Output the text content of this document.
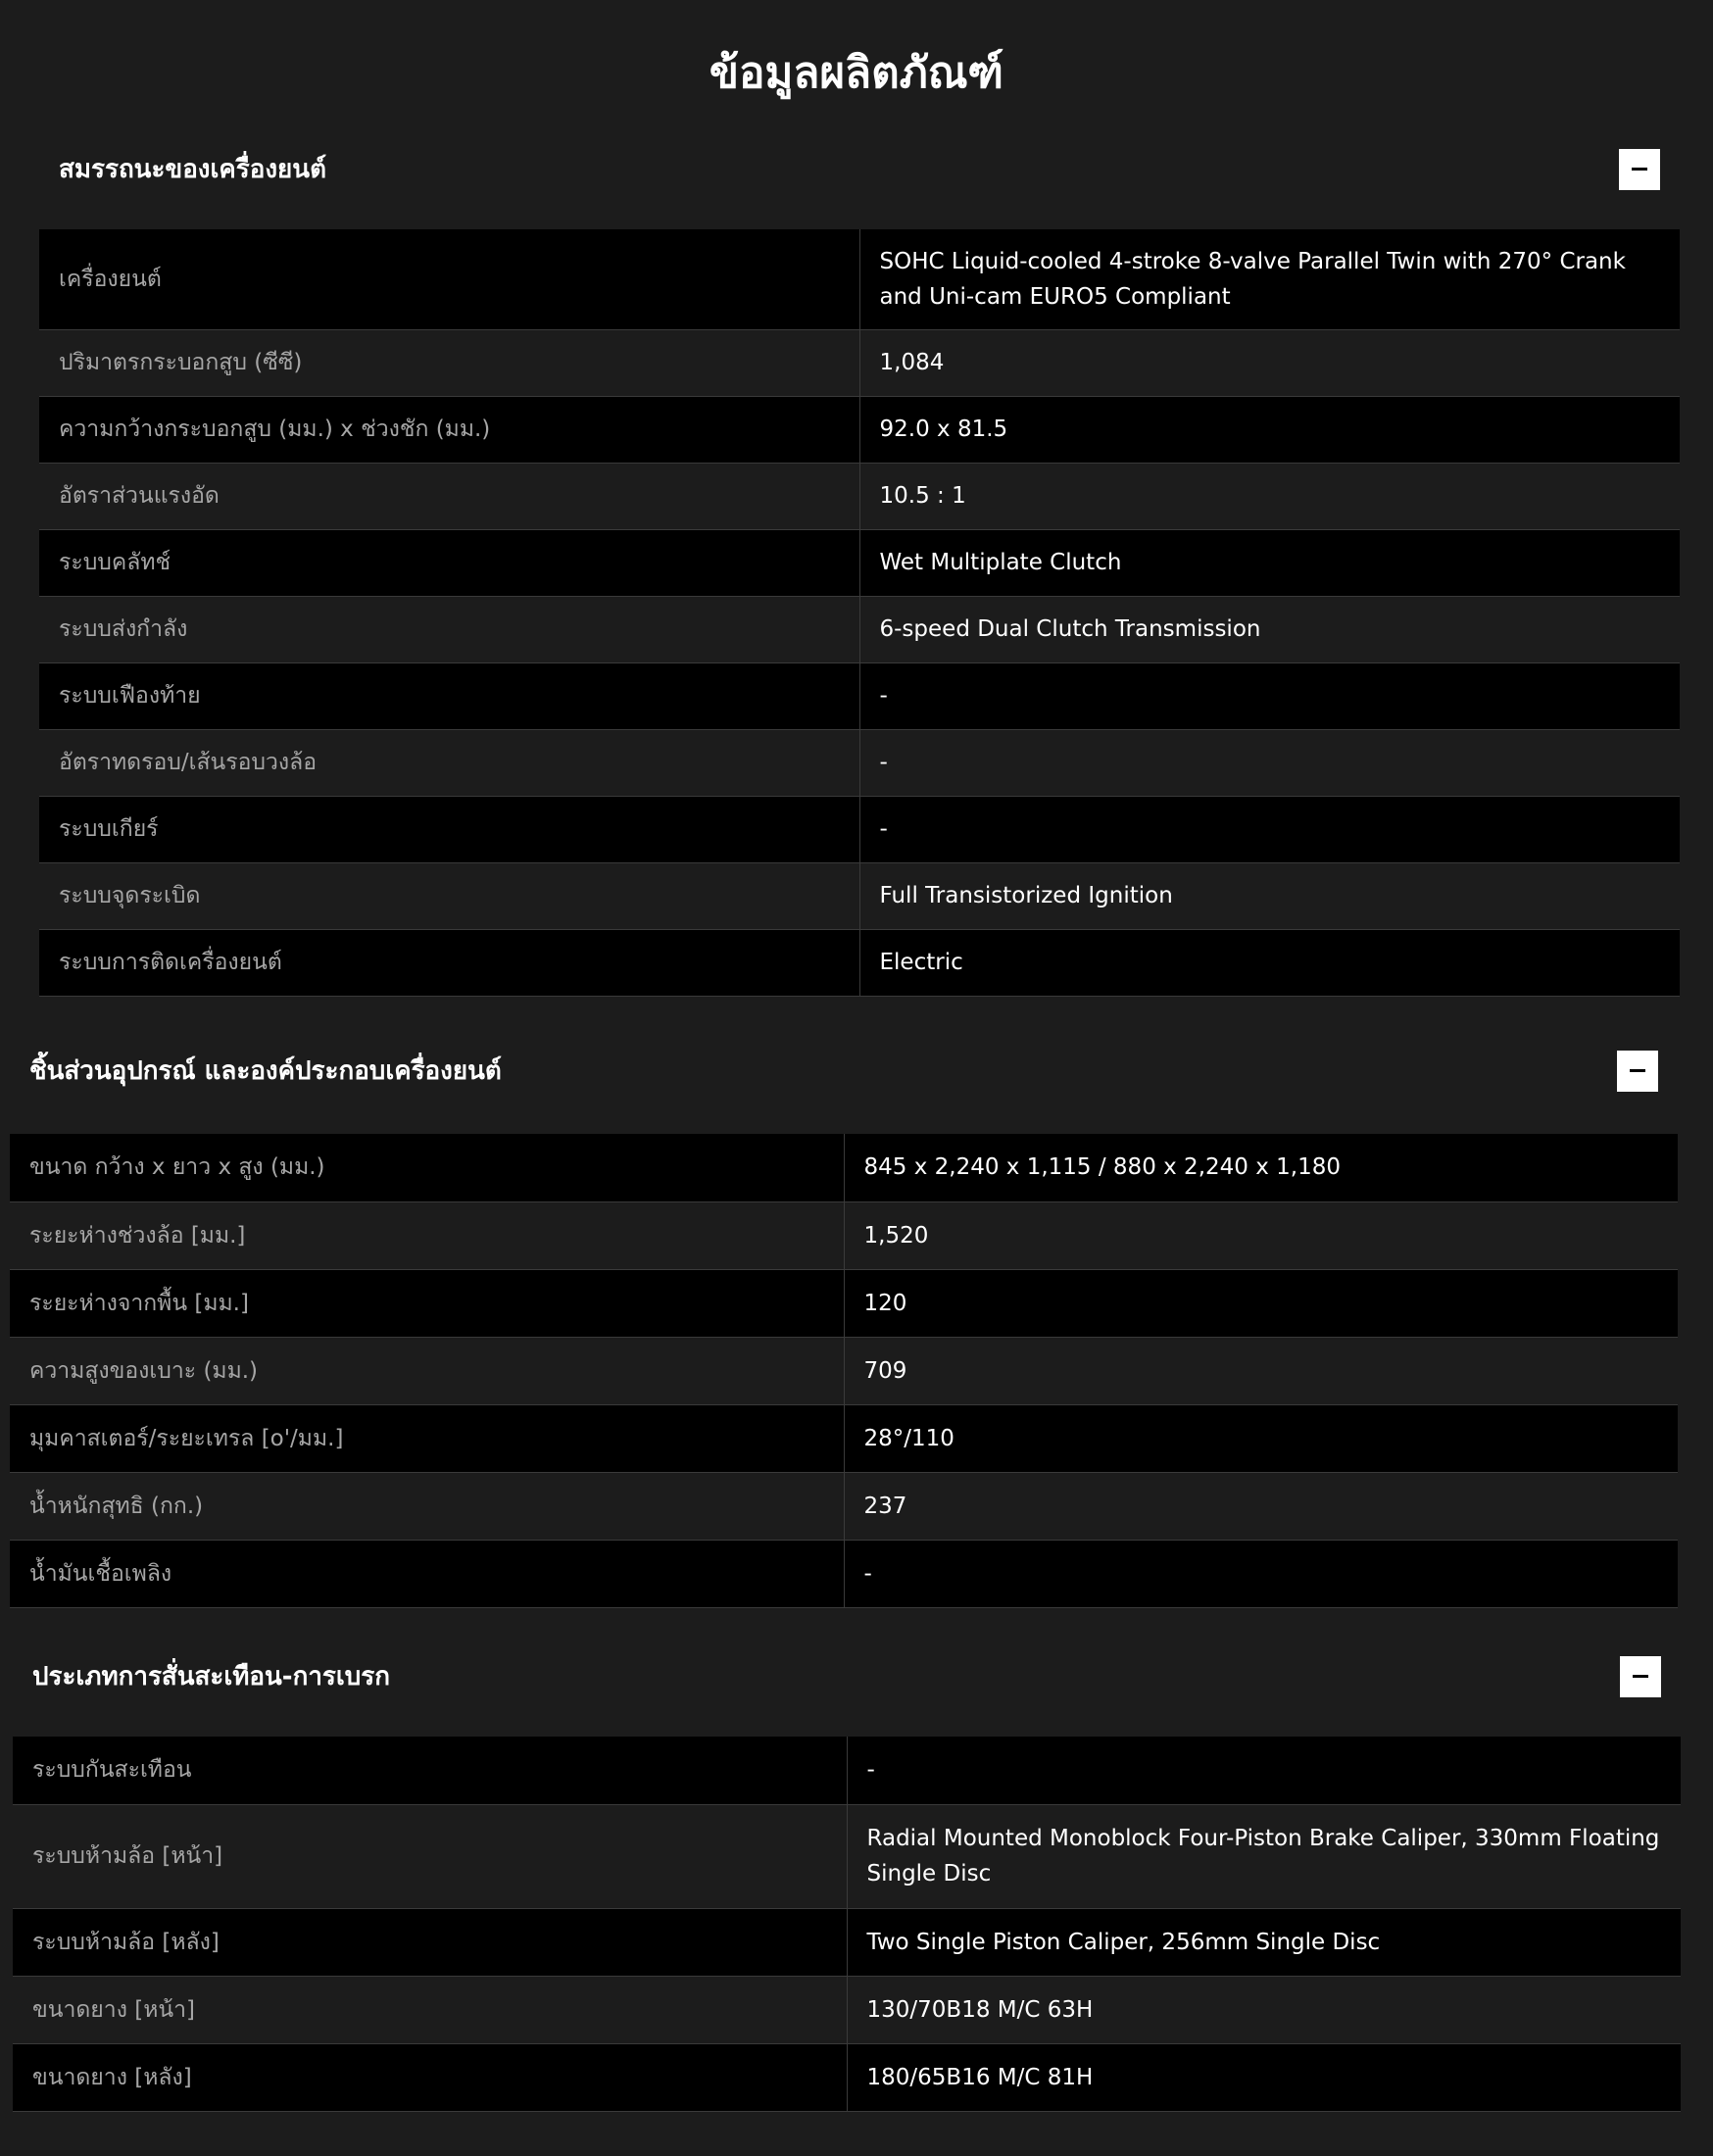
ข้อมูลผลิตภัณฑ์
สมรรถนะของเครื่องยนต์
เครื่องยนต์	SOHC Liquid-cooled 4-stroke 8-valve Parallel Twin with 270° Crank and Uni-cam EURO5 Compliant
ปริมาตรกระบอกสูบ (ซีซี)	1,084
ความกว้างกระบอกสูบ (มม.) x ช่วงชัก (มม.)	92.0 x 81.5
อัตราส่วนแรงอัด	10.5 : 1
ระบบคลัทช์	Wet Multiplate Clutch
ระบบส่งกำลัง	6-speed Dual Clutch Transmission
ระบบเฟืองท้าย	-
อัตราทดรอบ/เส้นรอบวงล้อ	-
ระบบเกียร์	-
ระบบจุดระเบิด	Full Transistorized Ignition
ระบบการติดเครื่องยนต์	Electric
ชิ้นส่วนอุปกรณ์ และองค์ประกอบเครื่องยนต์
ขนาด กว้าง x ยาว x สูง (มม.)	845 x 2,240 x 1,115 / 880 x 2,240 x 1,180
ระยะห่างช่วงล้อ [มม.]	1,520
ระยะห่างจากพื้น [มม.]	120
ความสูงของเบาะ (มม.)	709
มุมคาสเตอร์/ระยะเทรล [o'/มม.]	28°/110
น้ำหนักสุทธิ (กก.)	237
น้ำมันเชื้อเพลิง	-
ประเภทการสั่นสะเทือน-การเบรก
ระบบกันสะเทือน	-
ระบบห้ามล้อ [หน้า]	Radial Mounted Monoblock Four-Piston Brake Caliper, 330mm Floating Single Disc
ระบบห้ามล้อ [หลัง]	Two Single Piston Caliper, 256mm Single Disc
ขนาดยาง [หน้า]	130/70B18 M/C 63H
ขนาดยาง [หลัง]	180/65B16 M/C 81H
